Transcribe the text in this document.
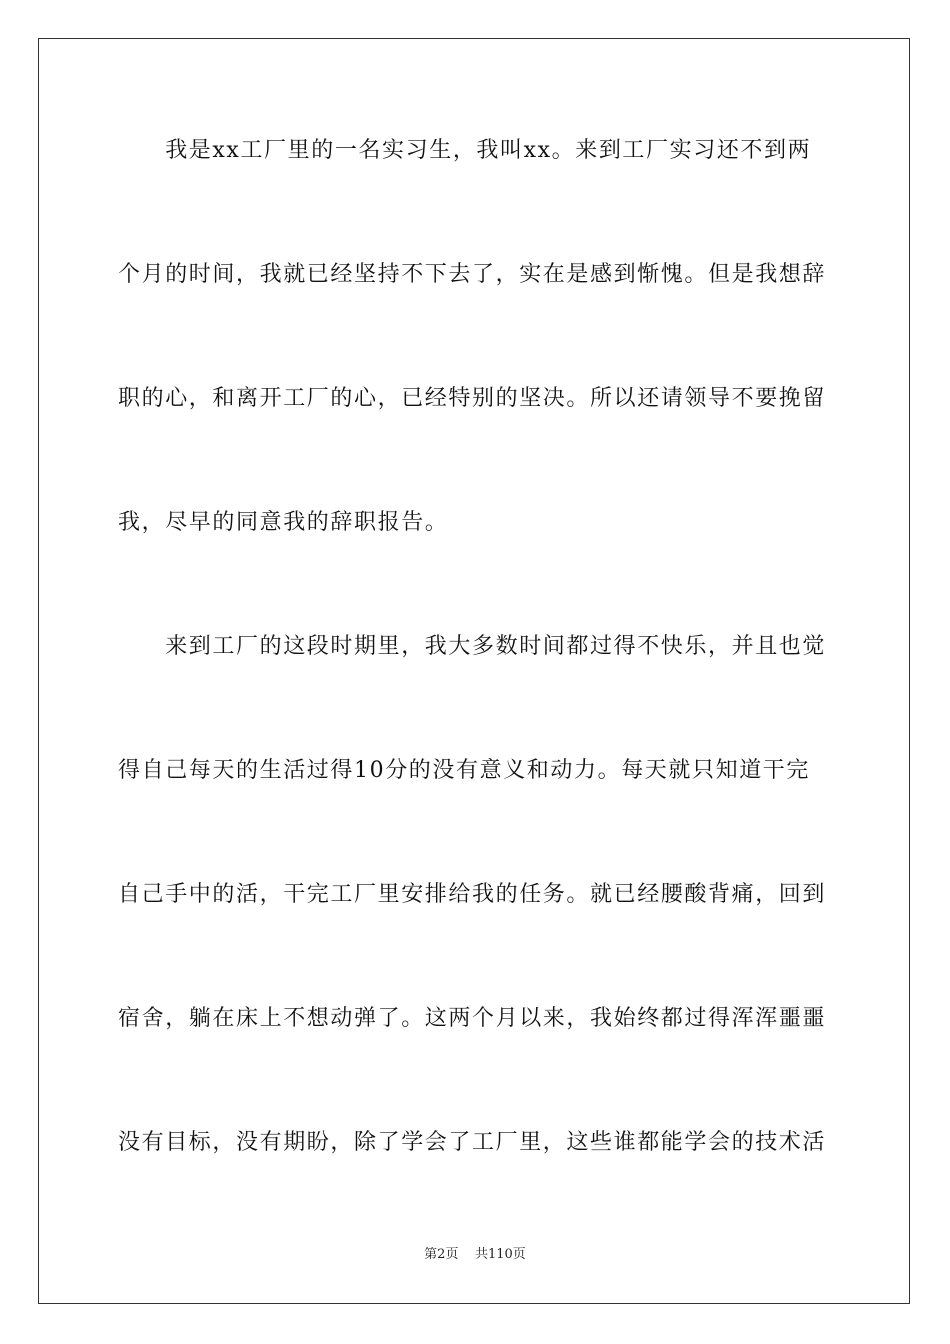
　　我是xx工厂里的一名实习生，我叫xx。来到工厂实习还不到两
个月的时间，我就已经坚持不下去了，实在是感到惭愧。但是我想辞
职的心，和离开工厂的心，已经特别的坚决。所以还请领导不要挽留
我，尽早的同意我的辞职报告。
　　来到工厂的这段时期里，我大多数时间都过得不快乐，并且也觉
得自己每天的生活过得10分的没有意义和动力。每天就只知道干完
自己手中的活，干完工厂里安排给我的任务。就已经腰酸背痛，回到
宿舍，躺在床上不想动弹了。这两个月以来，我始终都过得浑浑噩噩
没有目标，没有期盼，除了学会了工厂里，这些谁都能学会的技术活
第2页 共110页
